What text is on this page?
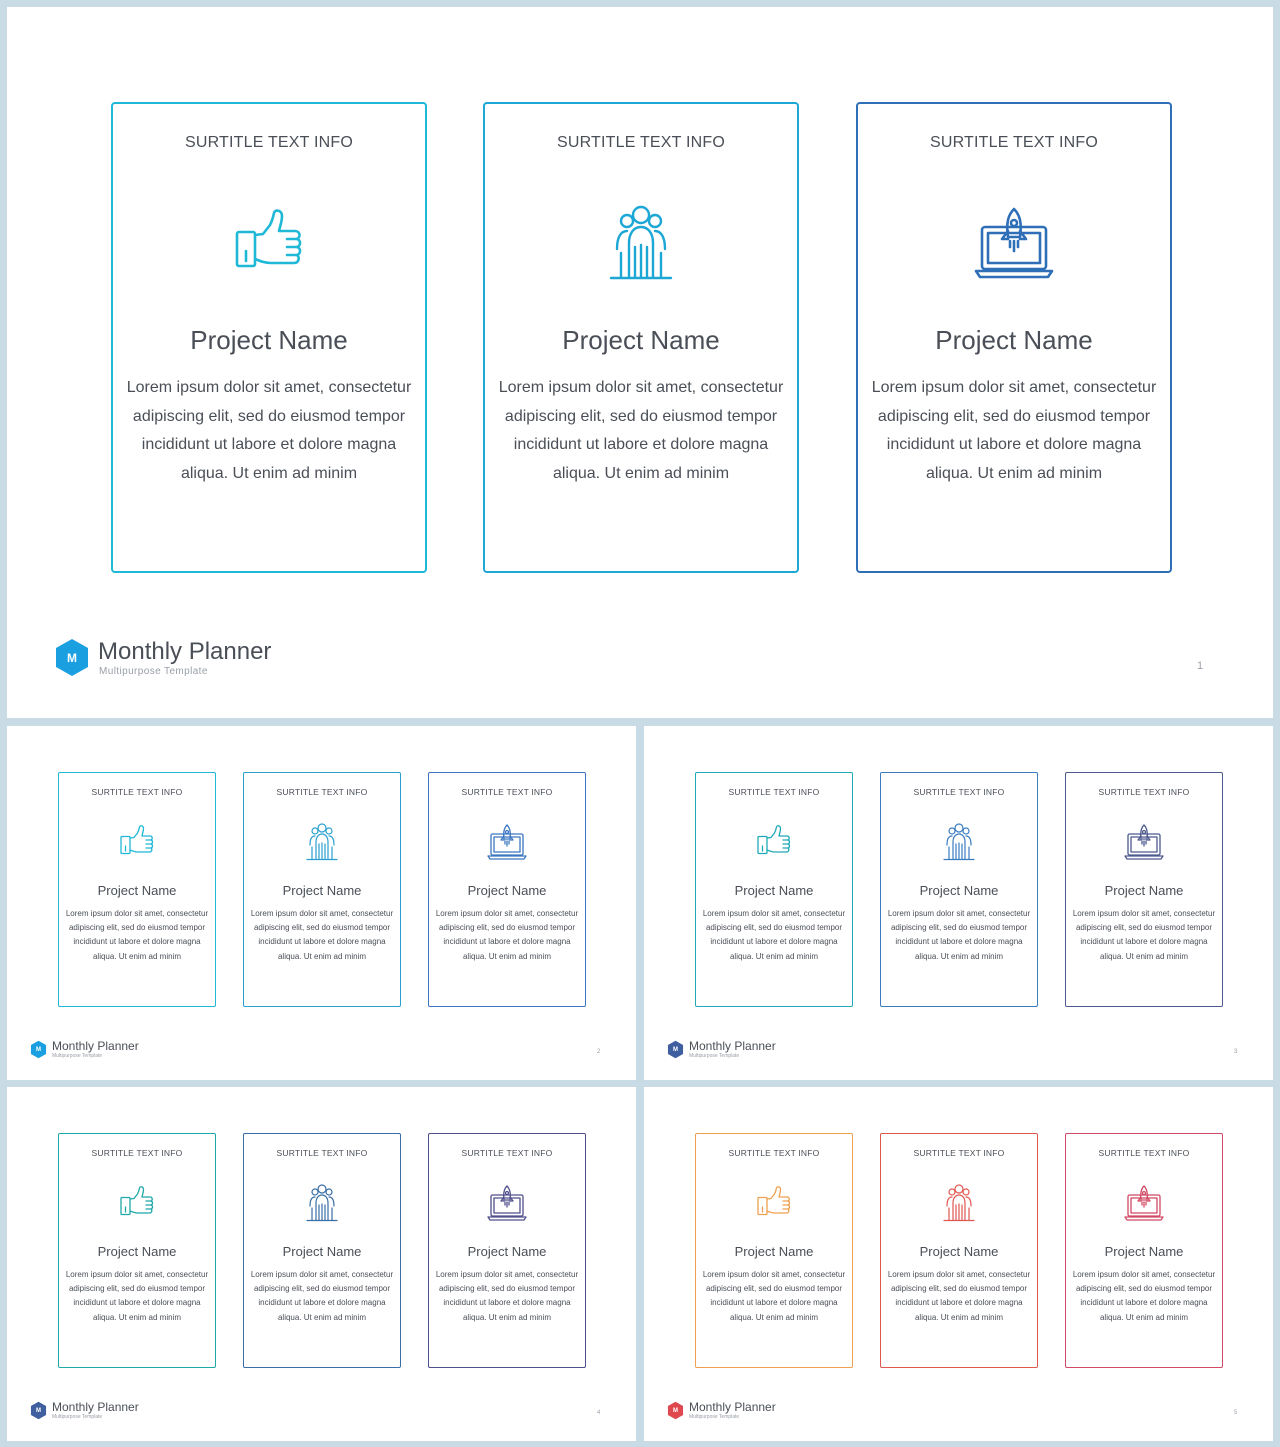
SURTITLE TEXT INFO
Project Name
Lorem ipsum dolor sit amet, consectetur adipiscing elit, sed do eiusmod tempor incididunt ut labore et dolore magna aliqua. Ut enim ad minim
SURTITLE TEXT INFO
Project Name
Lorem ipsum dolor sit amet, consectetur adipiscing elit, sed do eiusmod tempor incididunt ut labore et dolore magna aliqua. Ut enim ad minim
SURTITLE TEXT INFO
Project Name
Lorem ipsum dolor sit amet, consectetur adipiscing elit, sed do eiusmod tempor incididunt ut labore et dolore magna aliqua. Ut enim ad minim
M Monthly Planner
Multipurpose Template	1
SURTITLE TEXT INFO
Project Name
Lorem ipsum dolor sit amet, consectetur adipiscing elit, sed do eiusmod tempor incididunt ut labore et dolore magna aliqua. Ut enim ad minim
SURTITLE TEXT INFO
Project Name
Lorem ipsum dolor sit amet, consectetur adipiscing elit, sed do eiusmod tempor incididunt ut labore et dolore magna aliqua. Ut enim ad minim
SURTITLE TEXT INFO
Project Name
Lorem ipsum dolor sit amet, consectetur adipiscing elit, sed do eiusmod tempor incididunt ut labore et dolore magna aliqua. Ut enim ad minim
M Monthly Planner
Multipurpose Template
2
SURTITLE TEXT INFO
Project Name
Lorem ipsum dolor sit amet, consectetur adipiscing elit, sed do eiusmod tempor incididunt ut labore et dolore magna aliqua. Ut enim ad minim
SURTITLE TEXT INFO
Project Name
Lorem ipsum dolor sit amet, consectetur adipiscing elit, sed do eiusmod tempor incididunt ut labore et dolore magna aliqua. Ut enim ad minim
SURTITLE TEXT INFO
Project Name
Lorem ipsum dolor sit amet, consectetur adipiscing elit, sed do eiusmod tempor incididunt ut labore et dolore magna aliqua. Ut enim ad minim
M Monthly Planner
Multipurpose Template
3
SURTITLE TEXT INFO
Project Name
Lorem ipsum dolor sit amet, consectetur adipiscing elit, sed do eiusmod tempor incididunt ut labore et dolore magna aliqua. Ut enim ad minim
SURTITLE TEXT INFO
Project Name
Lorem ipsum dolor sit amet, consectetur adipiscing elit, sed do eiusmod tempor incididunt ut labore et dolore magna aliqua. Ut enim ad minim
SURTITLE TEXT INFO
Project Name
Lorem ipsum dolor sit amet, consectetur adipiscing elit, sed do eiusmod tempor incididunt ut labore et dolore magna aliqua. Ut enim ad minim
M Monthly Planner
Multipurpose Template
4
SURTITLE TEXT INFO
Project Name
Lorem ipsum dolor sit amet, consectetur adipiscing elit, sed do eiusmod tempor incididunt ut labore et dolore magna aliqua. Ut enim ad minim
SURTITLE TEXT INFO
Project Name
Lorem ipsum dolor sit amet, consectetur adipiscing elit, sed do eiusmod tempor incididunt ut labore et dolore magna aliqua. Ut enim ad minim
SURTITLE TEXT INFO
Project Name
Lorem ipsum dolor sit amet, consectetur adipiscing elit, sed do eiusmod tempor incididunt ut labore et dolore magna aliqua. Ut enim ad minim
M Monthly Planner
Multipurpose Template
5
